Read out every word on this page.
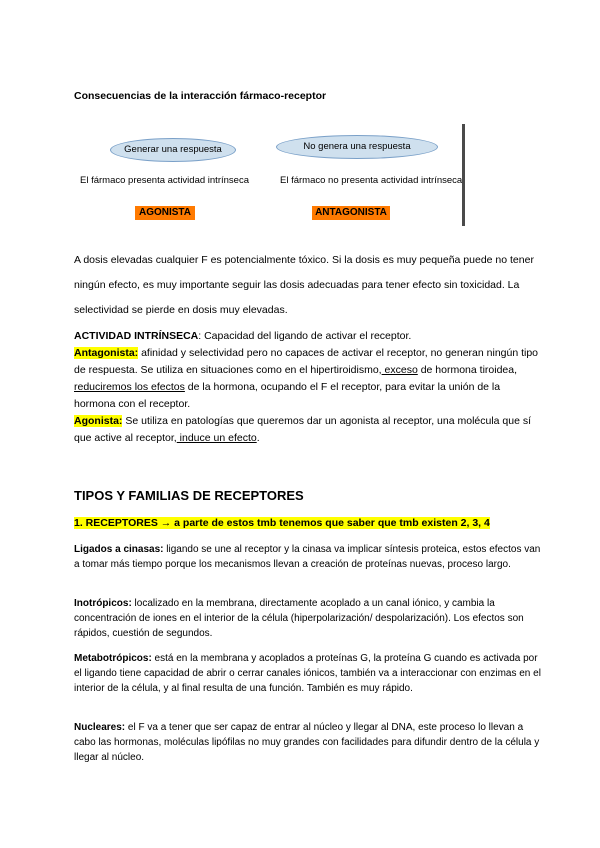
Consecuencias de la interacción fármaco-receptor
Generar una respuesta	No genera una respuesta
El fármaco presenta actividad intrínseca	El fármaco no presenta actividad intrínseca
AGONISTA	ANTAGONISTA
A dosis elevadas cualquier F es potencialmente tóxico. Si la dosis es muy pequeña puede no tener ningún efecto, es muy importante seguir las dosis adecuadas para tener efecto sin toxicidad. La selectividad se pierde en dosis muy elevadas.
ACTIVIDAD INTRÍNSECA: Capacidad del ligando de activar el receptor.
Antagonista: afinidad y selectividad pero no capaces de activar el receptor, no generan ningún tipo de respuesta. Se utiliza en situaciones como en el hipertiroidismo, exceso de hormona tiroidea, reduciremos los efectos de la hormona, ocupando el F el receptor, para evitar la unión de la hormona con el receptor.
Agonista: Se utiliza en patologías que queremos dar un agonista al receptor, una molécula que sí que active al receptor, induce un efecto.
TIPOS Y FAMILIAS DE RECEPTORES
1. RECEPTORES → a parte de estos tmb tenemos que saber que tmb existen 2, 3, 4
Ligados a cinasas: ligando se une al receptor y la cinasa va implicar síntesis proteica, estos efectos van a tomar más tiempo porque los mecanismos llevan a creación de proteínas nuevas, proceso largo.
Inotrópicos: localizado en la membrana, directamente acoplado a un canal iónico, y cambia la concentración de iones en el interior de la célula (hiperpolarización/ despolarización). Los efectos son rápidos, cuestión de segundos.
Metabotrópicos: está en la membrana y acoplados a proteínas G, la proteína G cuando es activada por el ligando tiene capacidad de abrir o cerrar canales iónicos, también va a interaccionar con enzimas en el interior de la célula, y al final resulta de una función. También es muy rápido.
Nucleares: el F va a tener que ser capaz de entrar al núcleo y llegar al DNA, este proceso lo llevan a cabo las hormonas, moléculas lipófilas no muy grandes con facilidades para difundir dentro de la célula y llegar al núcleo.
